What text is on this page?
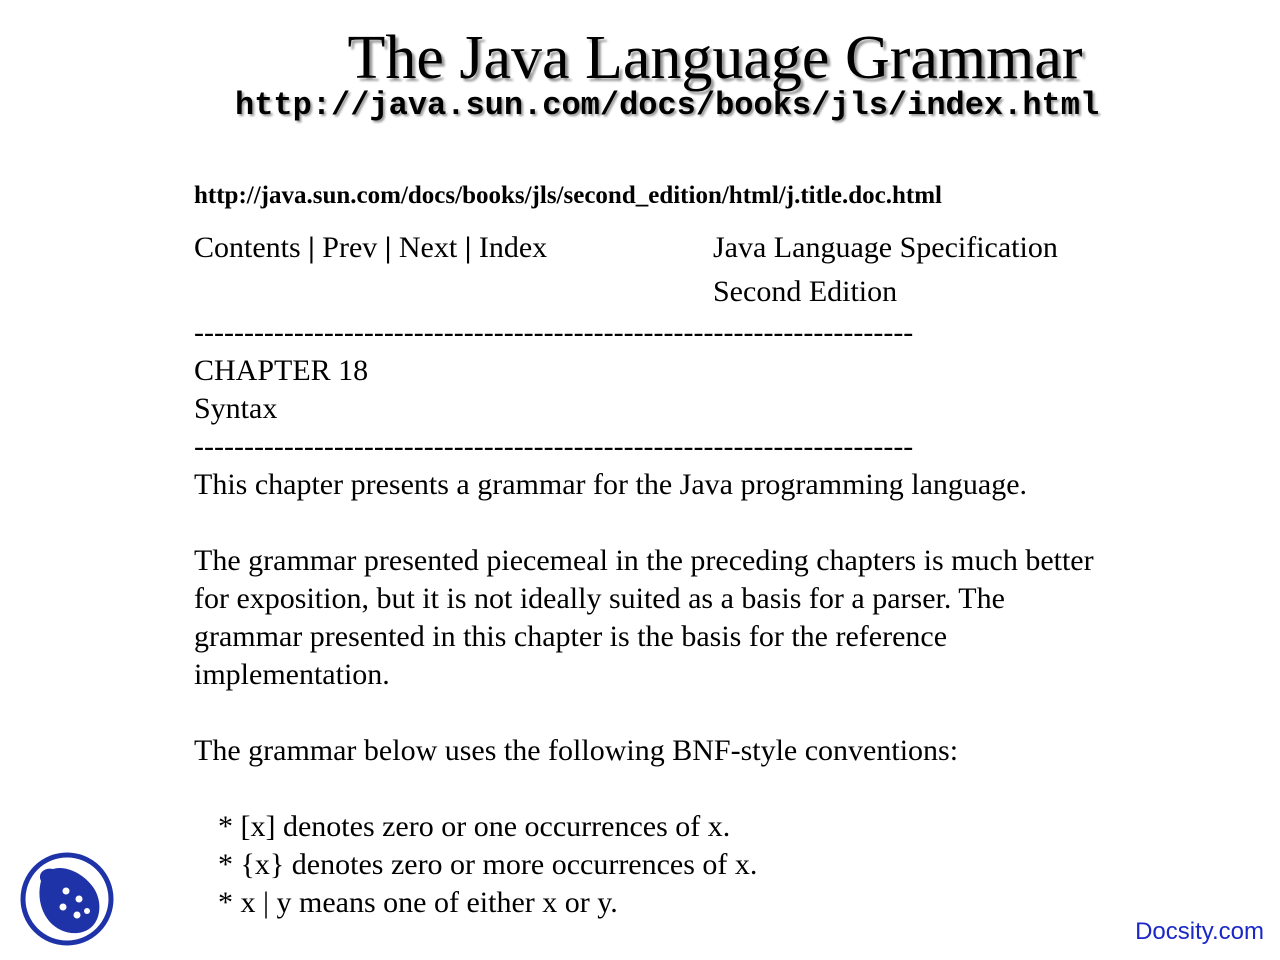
The Java Language Grammar
http://java.sun.com/docs/books/jls/index.html
http://java.sun.com/docs/books/jls/second_edition/html/j.title.doc.html
Contents | Prev | Next | Index	Java Language Specification
Second Edition
------------------------------------------------------------------------
CHAPTER 18
Syntax
------------------------------------------------------------------------
This chapter presents a grammar for the Java programming language.
The grammar presented piecemeal in the preceding chapters is much better
for exposition, but it is not ideally suited as a basis for a parser. The
grammar presented in this chapter is the basis for the reference
implementation.
The grammar below uses the following BNF-style conventions:
* [x] denotes zero or one occurrences of x.
* {x} denotes zero or more occurrences of x.
* x | y means one of either x or y.
Docsity.com
